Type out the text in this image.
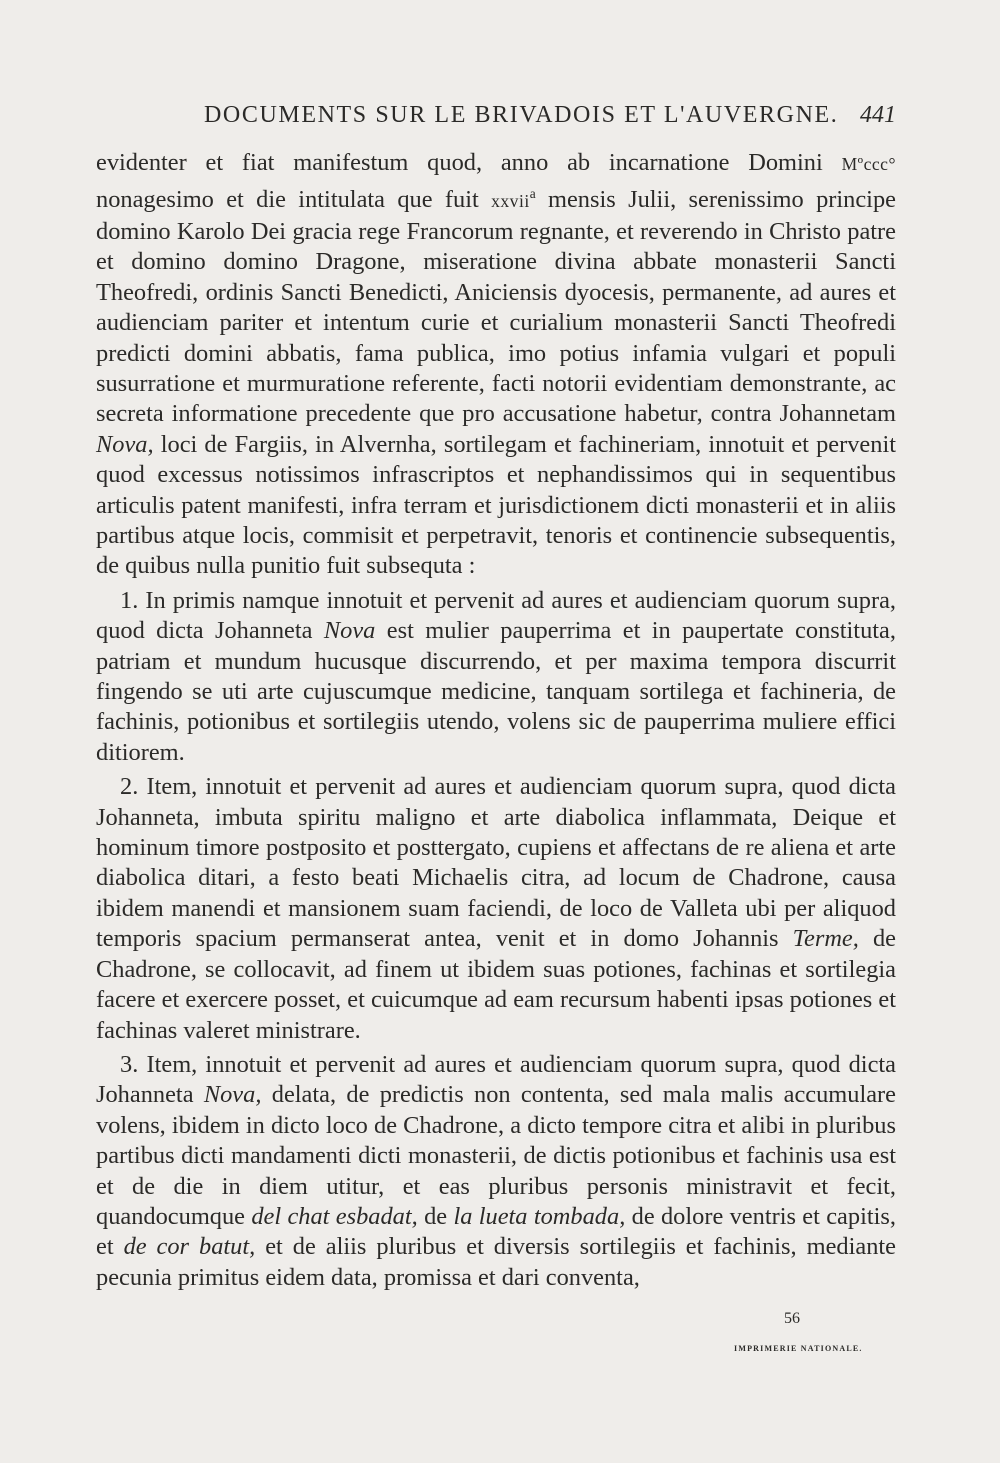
DOCUMENTS SUR LE BRIVADOIS ET L'AUVERGNE. 441

evidenter et fiat manifestum quod, anno ab incarnatione Domini Mºccc° nonagesimo et die intitulata que fuit xxvii$^a$ mensis Julii, serenissimo principe domino Karolo Dei gracia rege Francorum regnante, et reverendo in Christo patre et domino domino Dragone, miseratione divina abbate monasterii Sancti Theofredi, ordinis Sancti Benedicti, Aniciensis dyocesis, permanente, ad aures et audienciam pariter et intentum curie et curialium monasterii Sancti Theofredi predicti domini abbatis, fama publica, imo potius infamia vulgari et populi susurratione et murmuratione referente, facti notorii evidentiam demonstrante, ac secreta informatione precedente que pro accusatione habetur, contra Johannetam Nova, loci de Fargiis, in Alvernha, sortilegam et fachineriam, innotuit et pervenit quod excessus notissimos infrascriptos et nephandissimos qui in sequentibus articulis patent manifesti, infra terram et jurisdictionem dicti monasterii et in aliis partibus atque locis, commisit et perpetravit, tenoris et continencie subsequentis, de quibus nulla punitio fuit subsequta :

1. In primis namque innotuit et pervenit ad aures et audienciam quorum supra, quod dicta Johanneta Nova est mulier pauperrima et in paupertate constituta, patriam et mundum hucusque discurrendo, et per maxima tempora discurrit fingendo se uti arte cujuscumque medicine, tanquam sortilega et fachineria, de fachinis, potionibus et sortilegiis utendo, volens sic de pauperrima muliere effici ditiorem.

2. Item, innotuit et pervenit ad aures et audienciam quorum supra, quod dicta Johanneta, imbuta spiritu maligno et arte diabolica inflammata, Deique et hominum timore postposito et posttergato, cupiens et affectans de re aliena et arte diabolica ditari, a festo beati Michaelis citra, ad locum de Chadrone, causa ibidem manendi et mansionem suam faciendi, de loco de Valleta ubi per aliquod temporis spacium permanserat antea, venit et in domo Johannis Terme, de Chadrone, se collocavit, ad finem ut ibidem suas potiones, fachinas et sortilegia facere et exercere posset, et cuicumque ad eam recursum habenti ipsas potiones et fachinas valeret ministrare.

3. Item, innotuit et pervenit ad aures et audienciam quorum supra, quod dicta Johanneta Nova, delata, de predictis non contenta, sed mala malis accumulare volens, ibidem in dicto loco de Chadrone, a dicto tempore citra et alibi in pluribus partibus dicti mandamenti dicti monasterii, de dictis potionibus et fachinis usa est et de die in diem utitur, et eas pluribus personis ministravit et fecit, quandocumque del chat esbadat, de la lueta tombada, de dolore ventris et capitis, et de cor batut, et de aliis pluribus et diversis sortilegiis et fachinis, mediante pecunia primitus eidem data, promissa et dari conventa,

56
IMPRIMERIE NATIONALE.
